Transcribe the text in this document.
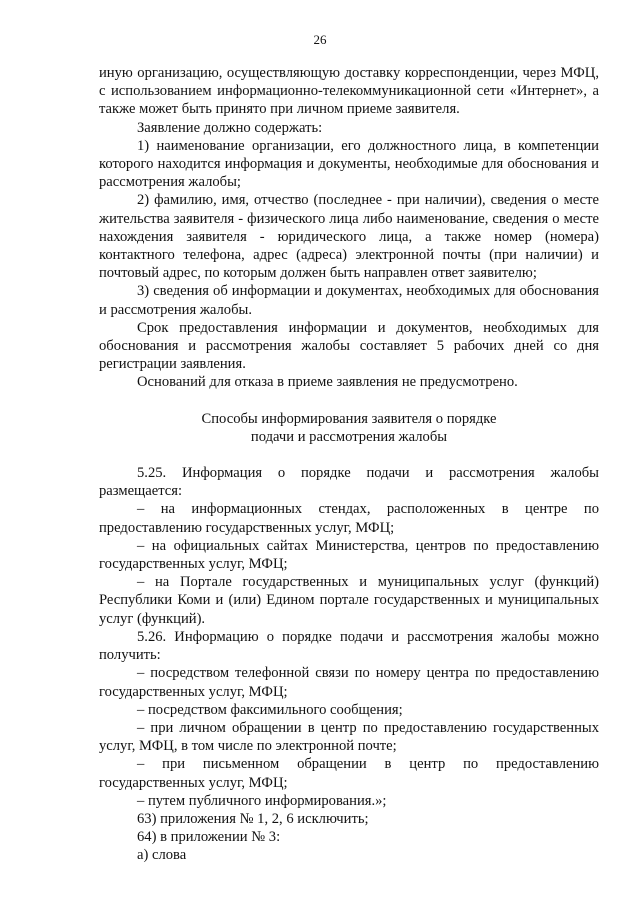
26

иную организацию, осуществляющую доставку корреспонденции, через МФЦ, с использованием информационно-телекоммуникационной сети «Интернет», а также может быть принято при личном приеме заявителя.

Заявление должно содержать:

1) наименование организации, его должностного лица, в компетенции которого находится информация и документы, необходимые для обоснования и рассмотрения жалобы;

2) фамилию, имя, отчество (последнее - при наличии), сведения о месте жительства заявителя - физического лица либо наименование, сведения о месте нахождения заявителя - юридического лица, а также номер (номера) контактного телефона, адрес (адреса) электронной почты (при наличии) и почтовый адрес, по которым должен быть направлен ответ заявителю;

3) сведения об информации и документах, необходимых для обоснования и рассмотрения жалобы.

Срок предоставления информации и документов, необходимых для обоснования и рассмотрения жалобы составляет 5 рабочих дней со дня регистрации заявления.

Оснований для отказа в приеме заявления не предусмотрено.

Способы информирования заявителя о порядке
подачи и рассмотрения жалобы

5.25. Информация о порядке подачи и рассмотрения жалобы размещается:

– на информационных стендах, расположенных в центре по предоставлению государственных услуг, МФЦ;

– на официальных сайтах Министерства, центров по предоставлению государственных услуг, МФЦ;

– на Портале государственных и муниципальных услуг (функций) Республики Коми и (или) Едином портале государственных и муниципальных услуг (функций).

5.26. Информацию о порядке подачи и рассмотрения жалобы можно получить:

– посредством телефонной связи по номеру центра по предоставлению государственных услуг, МФЦ;

– посредством факсимильного сообщения;

– при личном обращении в центр по предоставлению государственных услуг, МФЦ, в том числе по электронной почте;

– при письменном обращении в центр по предоставлению государственных услуг, МФЦ;

– путем публичного информирования.»;

63) приложения № 1, 2, 6 исключить;

64) в приложении № 3:

а) слова
